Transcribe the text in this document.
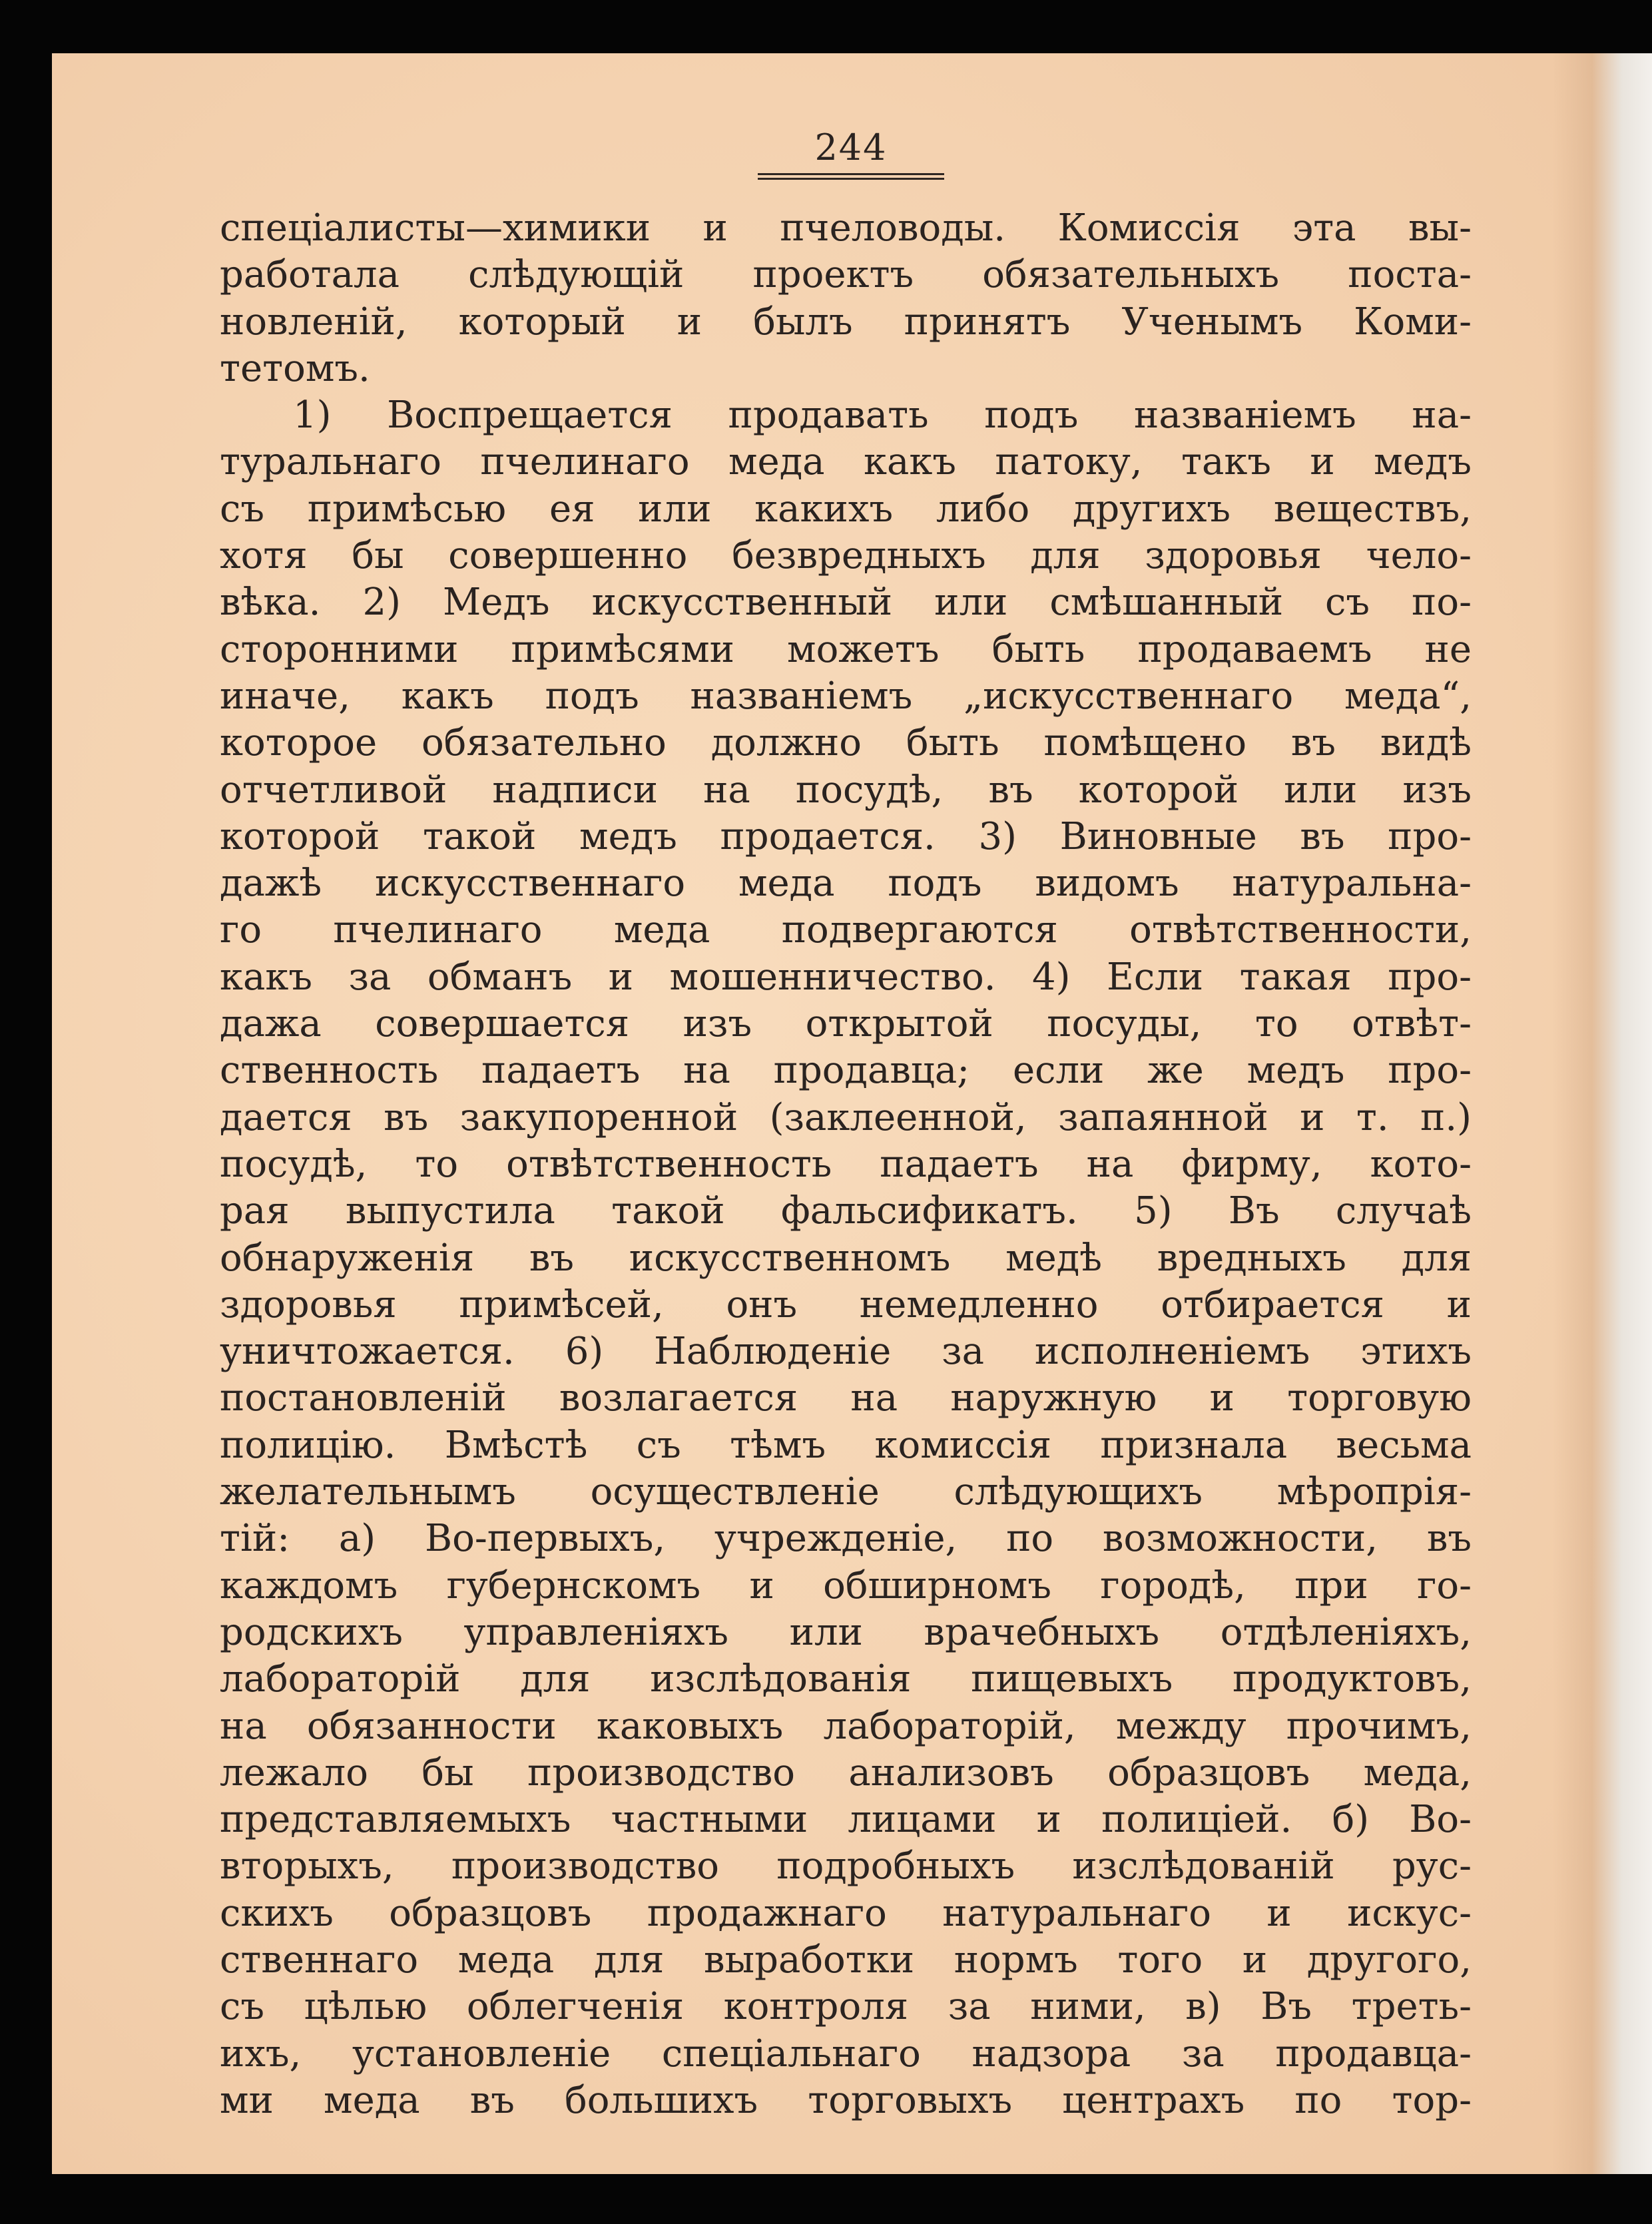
244
спецiалисты—химики и пчеловоды. Комиссiя эта вы-
работала слѣдующiй проектъ обязательныхъ поста-
новленiй, который и былъ принятъ Ученымъ Коми-
тетомъ.
1) Воспрещается продавать подъ названiемъ на-
туральнаго пчелинаго меда какъ патоку, такъ и медъ
съ примѣсью ея или какихъ либо другихъ веществъ,
хотя бы совершенно безвредныхъ для здоровья чело-
вѣка. 2) Медъ искусственный или смѣшанный съ по-
сторонними примѣсями можетъ быть продаваемъ не
иначе, какъ подъ названiемъ „искусственнаго меда“,
которое обязательно должно быть помѣщено въ видѣ
отчетливой надписи на посудѣ, въ которой или изъ
которой такой медъ продается. 3) Виновные въ про-
дажѣ искусственнаго меда подъ видомъ натуральна-
го пчелинаго меда подвергаются отвѣтственности,
какъ за обманъ и мошенничество. 4) Если такая про-
дажа совершается изъ открытой посуды, то отвѣт-
ственность падаетъ на продавца; если же медъ про-
дается въ закупоренной (заклеенной, запаянной и т. п.)
посудѣ, то отвѣтственность падаетъ на фирму, кото-
рая выпустила такой фальсификатъ. 5) Въ случаѣ
обнаруженiя въ искусственномъ медѣ вредныхъ для
здоровья примѣсей, онъ немедленно отбирается и
уничтожается. 6) Наблюденiе за исполненiемъ этихъ
постановленiй возлагается на наружную и торговую
полицiю. Вмѣстѣ съ тѣмъ комиссiя признала весьма
желательнымъ осуществленiе слѣдующихъ мѣропрiя-
тiй: а) Во-первыхъ, учрежденiе, по возможности, въ
каждомъ губернскомъ и обширномъ городѣ, при го-
родскихъ управленiяхъ или врачебныхъ отдѣленiяхъ,
лабораторiй для изслѣдованiя пищевыхъ продуктовъ,
на обязанности каковыхъ лабораторiй, между прочимъ,
лежало бы производство анализовъ образцовъ меда,
представляемыхъ частными лицами и полицiей. б) Во-
вторыхъ, производство подробныхъ изслѣдованiй рус-
скихъ образцовъ продажнаго натуральнаго и искус-
ственнаго меда для выработки нормъ того и другого,
съ цѣлью облегченiя контроля за ними, в) Въ треть-
ихъ, установленiе спецiальнаго надзора за продавца-
ми меда въ большихъ торговыхъ центрахъ по тор-
